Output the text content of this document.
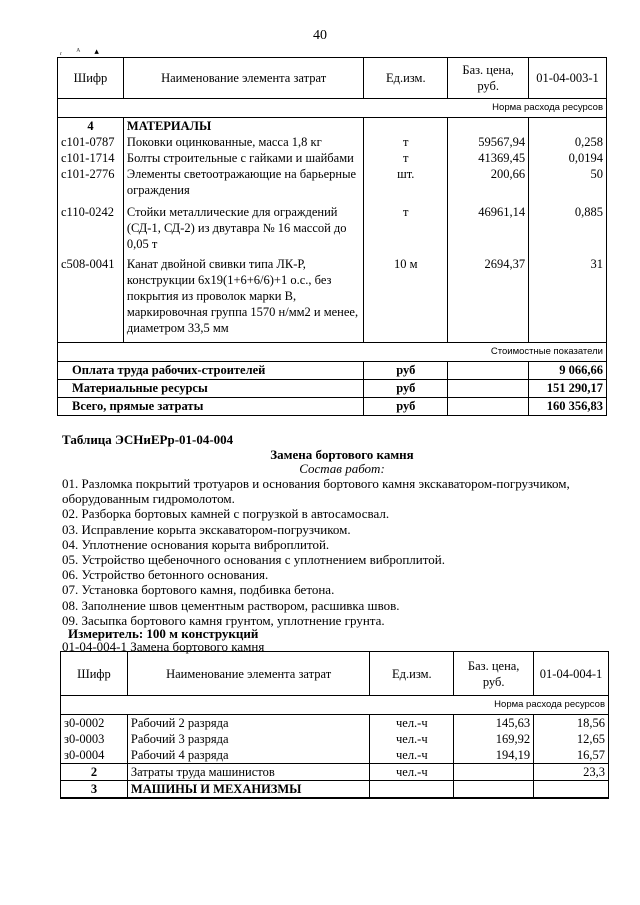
40
ᵣ ᴬ ▴
Шифр	Наименование элемента затрат	Ед.изм.	Баз. цена, руб.	01-04-003-1
Норма расхода ресурсов				
4	МАТЕРИАЛЫ			
с101-0787	Поковки оцинкованные, масса 1,8 кг	т	59567,94	0,258
с101-1714	Болты строительные с гайками и шайбами	т	41369,45	0,0194
с101-2776	Элементы светоотражающие на барьерные ограждения	шт.	200,66	50
с110-0242	Стойки металлические для ограждений (СД-1, СД-2) из двутавра № 16 массой до 0,05 т	т	46961,14	0,885
с508-0041	Канат двойной свивки типа ЛК-Р, конструкции 6х19(1+6+6/6)+1 о.с., без покрытия из проволок марки В, маркировочная группа 1570 н/мм2 и менее, диаметром 33,5 мм	10 м	2694,37	31
Стоимостные показатели				
Оплата труда рабочих-строителей		руб		9 066,66
Материальные ресурсы		руб		151 290,17
Всего, прямые затраты		руб		160 356,83
Таблица ЭСНиЕРр-01-04-004
Замена бортового камня
Состав работ:
01. Разломка покрытий тротуаров и основания бортового камня экскаватором-погрузчиком, оборудованным гидромолотом.
02. Разборка бортовых камней с погрузкой в автосамосвал.
03. Исправление корыта экскаватором-погрузчиком.
04. Уплотнение основания корыта виброплитой.
05. Устройство щебеночного основания с уплотнением виброплитой.
06. Устройство бетонного основания.
07. Установка бортового камня, подбивка бетона.
08. Заполнение швов цементным раствором, расшивка швов.
09. Засыпка бортового камня грунтом, уплотнение грунта.
Измеритель: 100 м конструкций
01-04-004-1 Замена бортового камня
Шифр	Наименование элемента затрат	Ед.изм.	Баз. цена, руб.	01-04-004-1
Норма расхода ресурсов				
з0-0002	Рабочий 2 разряда	чел.-ч	145,63	18,56
з0-0003	Рабочий 3 разряда	чел.-ч	169,92	12,65
з0-0004	Рабочий 4 разряда	чел.-ч	194,19	16,57
2	Затраты труда машинистов	чел.-ч		23,3
3	МАШИНЫ И МЕХАНИЗМЫ			
